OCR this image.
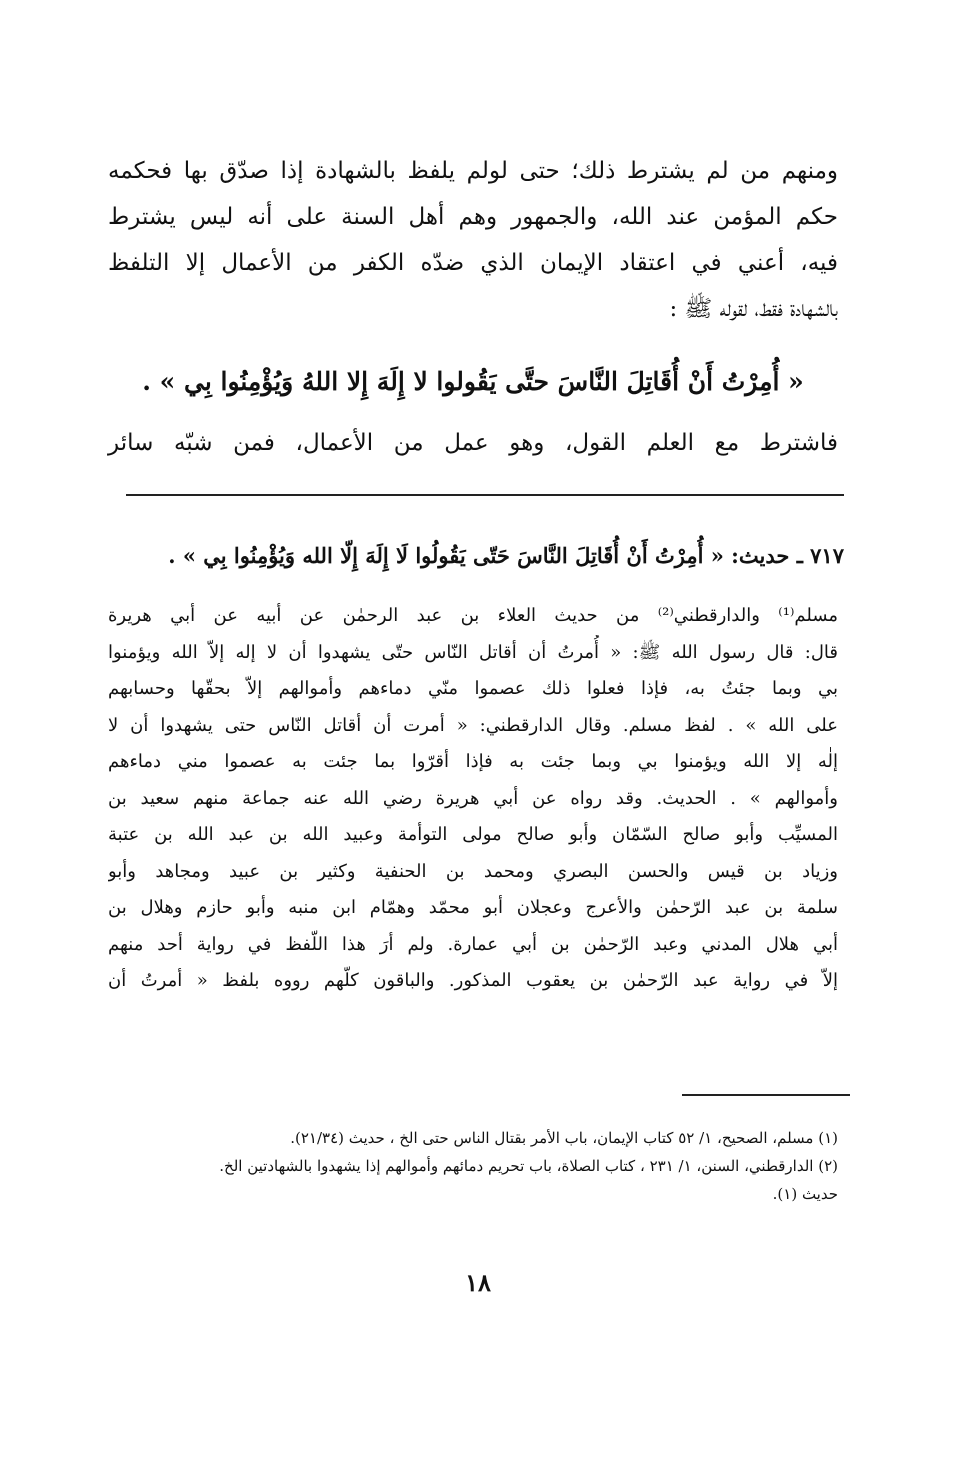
ومنهم من لم يشترط ذلك؛ حتى لولم يلفظ بالشهادة إذا صدّق بها فحكمه
حكم المؤمن عند الله، والجمهور وهم أهل السنة على أنه ليس يشترط
فيه، أعني في اعتقاد الإيمان الذي ضدّه الكفر من الأعمال إلا التلفظ
بالشهادة فقط، لقوله ﷺ :
« أُمِرْتُ أَنْ أُقَاتِلَ النَّاسَ حتَّى يَقُولوا لا إِلَهَ إِلا اللهُ وَيُؤْمِنُوا بِي » .
فاشترط مع العلم القول، وهو عمل من الأعمال، فمن شبّه سائر
٧١٧ ـ حديث: « أُمِرْتُ أَنْ أُقَاتِلَ النَّاسَ حَتّى يَقُولُوا لَا إِلَهَ إِلّا الله وَيُؤْمِنُوا بِي » .
مسلم⁽¹⁾ والدارقطني⁽²⁾ من حديث العلاء بن عبد الرحمٰن عن أبيه عن أبي هريرة
قال: قال رسول الله ﷺ: « أُمرتُ أن أقاتل النّاس حتّى يشهدوا أن لا إله إلاّ الله ويؤمنوا
بي وبما جئتُ به، فإذا فعلوا ذلك عصموا منّي دماءهم وأموالهم إلاّ بحقّها وحسابهم
على الله » . لفظ مسلم. وقال الدارقطني: « أمرت أن أقاتل النّاس حتى يشهدوا أن لا
إلٰه إلا الله ويؤمنوا بي وبما جئت به فإذا أقرّوا بما جئت به عصموا مني دماءهم
وأموالهم » . الحديث. وقد رواه عن أبي هريرة رضي الله عنه جماعة منهم سعيد بن
المسيِّب وأبو صالح السّمّان وأبو صالح مولى التوأمة وعبيد الله بن عبد الله بن عتبة
وزياد بن قيس والحسن البصري ومحمد بن الحنفية وكثير بن عبيد ومجاهد وأبو
سلمة بن عبد الرّحمٰن والأعرج وعجلان أبو محمّد وهمّام ابن منبه وأبو حازم وهلال بن
أبي هلال المدني وعبد الرّحمٰن بن أبي عمارة. ولم أرَ هذا اللّفظ في رواية أحد منهم
إلاّ في رواية عبد الرّحمٰن بن يعقوب المذكور. والباقون كلّهم رووه بلفظ « أمرتُ أن
(١) مسلم، الصحيح، ١/ ٥٢ كتاب الإيمان، باب الأمر بقتال الناس حتى الخ ، حديث (٢١/٣٤).
(٢) الدارقطني، السنن، ١/ ٢٣١ ، كتاب الصلاة، باب تحريم دمائهم وأموالهم إذا يشهدوا بالشهادتين الخ.
حديث (١).
١٨
